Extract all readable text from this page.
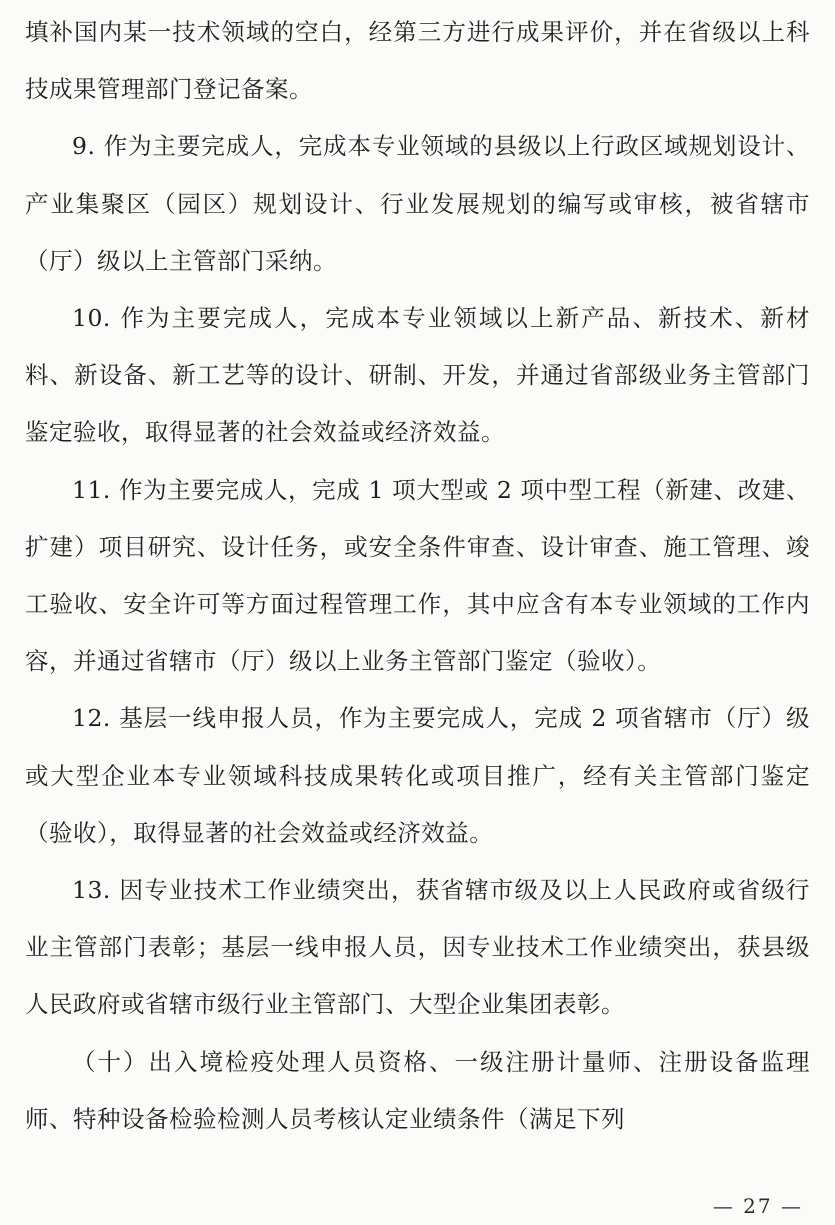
填补国内某一技术领域的空白，经第三方进行成果评价，并在省级以上科技成果管理部门登记备案。

9. 作为主要完成人，完成本专业领域的县级以上行政区域规划设计、产业集聚区（园区）规划设计、行业发展规划的编写或审核，被省辖市（厅）级以上主管部门采纳。

10. 作为主要完成人，完成本专业领域以上新产品、新技术、新材料、新设备、新工艺等的设计、研制、开发，并通过省部级业务主管部门鉴定验收，取得显著的社会效益或经济效益。

11. 作为主要完成人，完成 1 项大型或 2 项中型工程（新建、改建、扩建）项目研究、设计任务，或安全条件审查、设计审查、施工管理、竣工验收、安全许可等方面过程管理工作，其中应含有本专业领域的工作内容，并通过省辖市（厅）级以上业务主管部门鉴定（验收）。

12. 基层一线申报人员，作为主要完成人，完成 2 项省辖市（厅）级或大型企业本专业领域科技成果转化或项目推广，经有关主管部门鉴定（验收），取得显著的社会效益或经济效益。

13. 因专业技术工作业绩突出，获省辖市级及以上人民政府或省级行业主管部门表彰；基层一线申报人员，因专业技术工作业绩突出，获县级人民政府或省辖市级行业主管部门、大型企业集团表彰。

（十）出入境检疫处理人员资格、一级注册计量师、注册设备监理师、特种设备检验检测人员考核认定业绩条件（满足下列

— 27 —
